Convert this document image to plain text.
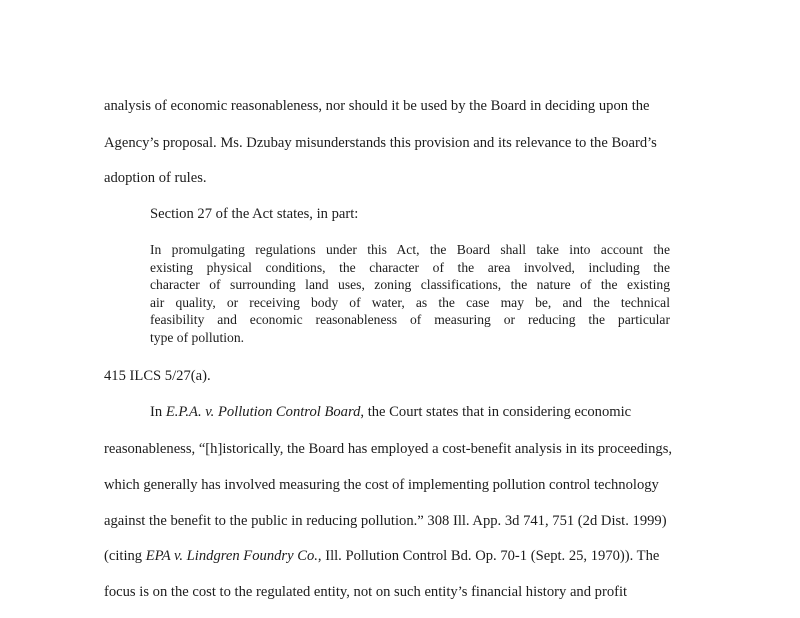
analysis of economic reasonableness, nor should it be used by the Board in deciding upon the
Agency’s proposal. Ms. Dzubay misunderstands this provision and its relevance to the Board’s
adoption of rules.
Section 27 of the Act states, in part:
In promulgating regulations under this Act, the Board shall take into account the
existing physical conditions, the character of the area involved, including the
character of surrounding land uses, zoning classifications, the nature of the existing
air quality, or receiving body of water, as the case may be, and the technical
feasibility and economic reasonableness of measuring or reducing the particular
type of pollution.
415 ILCS 5/27(a).
In E.P.A. v. Pollution Control Board, the Court states that in considering economic
reasonableness, “[h]istorically, the Board has employed a cost-benefit analysis in its proceedings,
which generally has involved measuring the cost of implementing pollution control technology
against the benefit to the public in reducing pollution.” 308 Ill. App. 3d 741, 751 (2d Dist. 1999)
(citing EPA v. Lindgren Foundry Co., Ill. Pollution Control Bd. Op. 70-1 (Sept. 25, 1970)). The
focus is on the cost to the regulated entity, not on such entity’s financial history and profit
